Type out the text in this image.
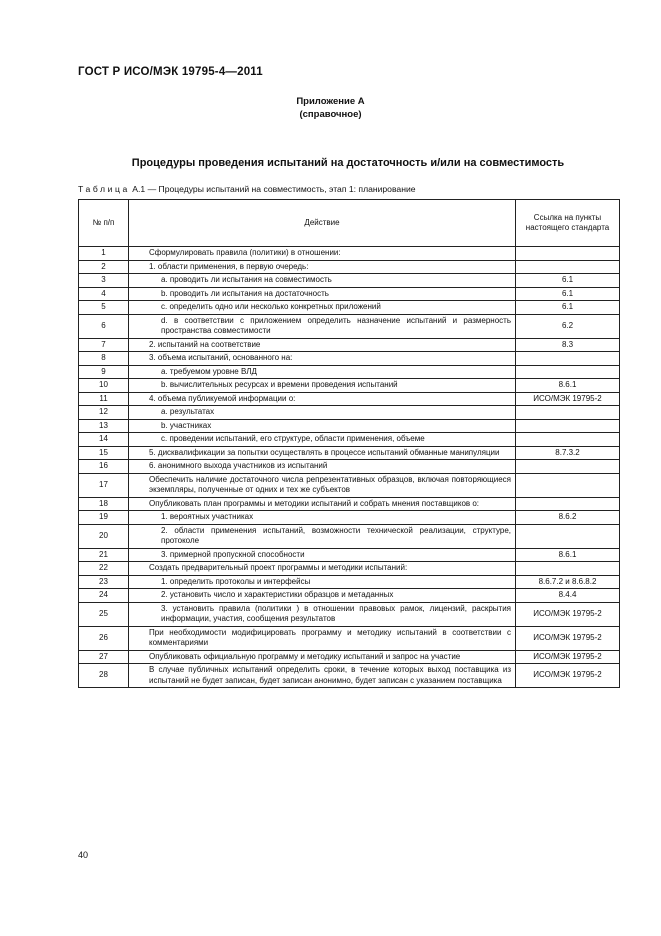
ГОСТ Р ИСО/МЭК 19795-4—2011
Приложение А
(справочное)
Процедуры проведения испытаний на достаточность и/или на совместимость
Таблица А.1 — Процедуры испытаний на совместимость, этап 1: планирование
№ п/п	Действие	Ссылка на пункты настоящего стандарта
1	Сформулировать правила (политики) в отношении:	
2	1. области применения, в первую очередь:	
3	a. проводить ли испытания на совместимость	6.1
4	b. проводить ли испытания на достаточность	6.1
5	c. определить одно или несколько конкретных приложений	6.1
6	d. в соответствии с приложением определить назначение испытаний и размерность пространства совместимости	6.2
7	2. испытаний на соответствие	8.3
8	3. объема испытаний, основанного на:	
9	a. требуемом уровне ВЛД	
10	b. вычислительных ресурсах и времени проведения испытаний	8.6.1
11	4. объема публикуемой информации о:	ИСО/МЭК 19795-2
12	a. результатах	
13	b. участниках	
14	c. проведении испытаний, его структуре, области применения, объеме	
15	5. дисквалификации за попытки осуществлять в процессе испытаний обманные манипуляции	8.7.3.2
16	6. анонимного выхода участников из испытаний	
17	Обеспечить наличие достаточного числа репрезентативных образцов, включая повторяющиеся экземпляры, полученные от одних и тех же субъектов	
18	Опубликовать план программы и методики испытаний и собрать мнения поставщиков о:	
19	1. вероятных участниках	8.6.2
20	2. области применения испытаний, возможности технической реализации, структуре, протоколе	
21	3. примерной пропускной способности	8.6.1
22	Создать предварительный проект программы и методики испытаний:	
23	1. определить протоколы и интерфейсы	8.6.7.2 и 8.6.8.2
24	2. установить число и характеристики образцов и метаданных	8.4.4
25	3. установить правила (политики ) в отношении правовых рамок, лицензий, раскрытия информации, участия, сообщения результатов	ИСО/МЭК 19795-2
26	При необходимости модифицировать программу и методику испытаний в соответствии с комментариями	ИСО/МЭК 19795-2
27	Опубликовать официальную программу и методику испытаний и запрос на участие	ИСО/МЭК 19795-2
28	В случае публичных испытаний определить сроки, в течение которых выход поставщика из испытаний не будет записан, будет записан анонимно, будет записан с указанием поставщика	ИСО/МЭК 19795-2
40
